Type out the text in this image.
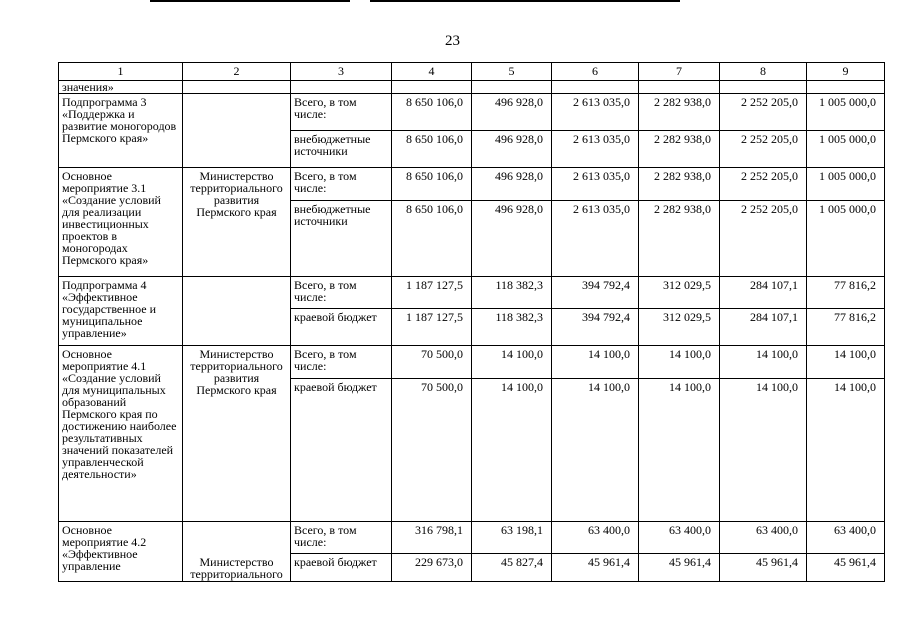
23
1	2	3	4	5	6	7	8	9
значения»								
Подпрограмма 3 «Поддержка и развитие моногородов Пермского края»		Всего, в том числе:	8 650 106,0	496 928,0	2 613 035,0	2 282 938,0	2 252 205,0	1 005 000,0
		внебюджетные источники	8 650 106,0	496 928,0	2 613 035,0	2 282 938,0	2 252 205,0	1 005 000,0
Основное мероприятие 3.1 «Создание условий для реализации инвестиционных проектов в моногородах Пермского края»	Министерство территориального развития Пермского края	Всего, в том числе:	8 650 106,0	496 928,0	2 613 035,0	2 282 938,0	2 252 205,0	1 005 000,0
		внебюджетные источники	8 650 106,0	496 928,0	2 613 035,0	2 282 938,0	2 252 205,0	1 005 000,0
Подпрограмма 4 «Эффективное государственное и муниципальное управление»		Всего, в том числе:	1 187 127,5	118 382,3	394 792,4	312 029,5	284 107,1	77 816,2
		краевой бюджет	1 187 127,5	118 382,3	394 792,4	312 029,5	284 107,1	77 816,2
Основное мероприятие 4.1 «Создание условий для муниципальных образований Пермского края по достижению наиболее результативных значений показателей управленческой деятельности»	Министерство территориального развития Пермского края	Всего, в том числе:	70 500,0	14 100,0	14 100,0	14 100,0	14 100,0	14 100,0
		краевой бюджет	70 500,0	14 100,0	14 100,0	14 100,0	14 100,0	14 100,0
Основное мероприятие 4.2 «Эффективное управление		Всего, в том числе:	316 798,1	63 198,1	63 400,0	63 400,0	63 400,0	63 400,0
	Министерство территориального	краевой бюджет	229 673,0	45 827,4	45 961,4	45 961,4	45 961,4	45 961,4
